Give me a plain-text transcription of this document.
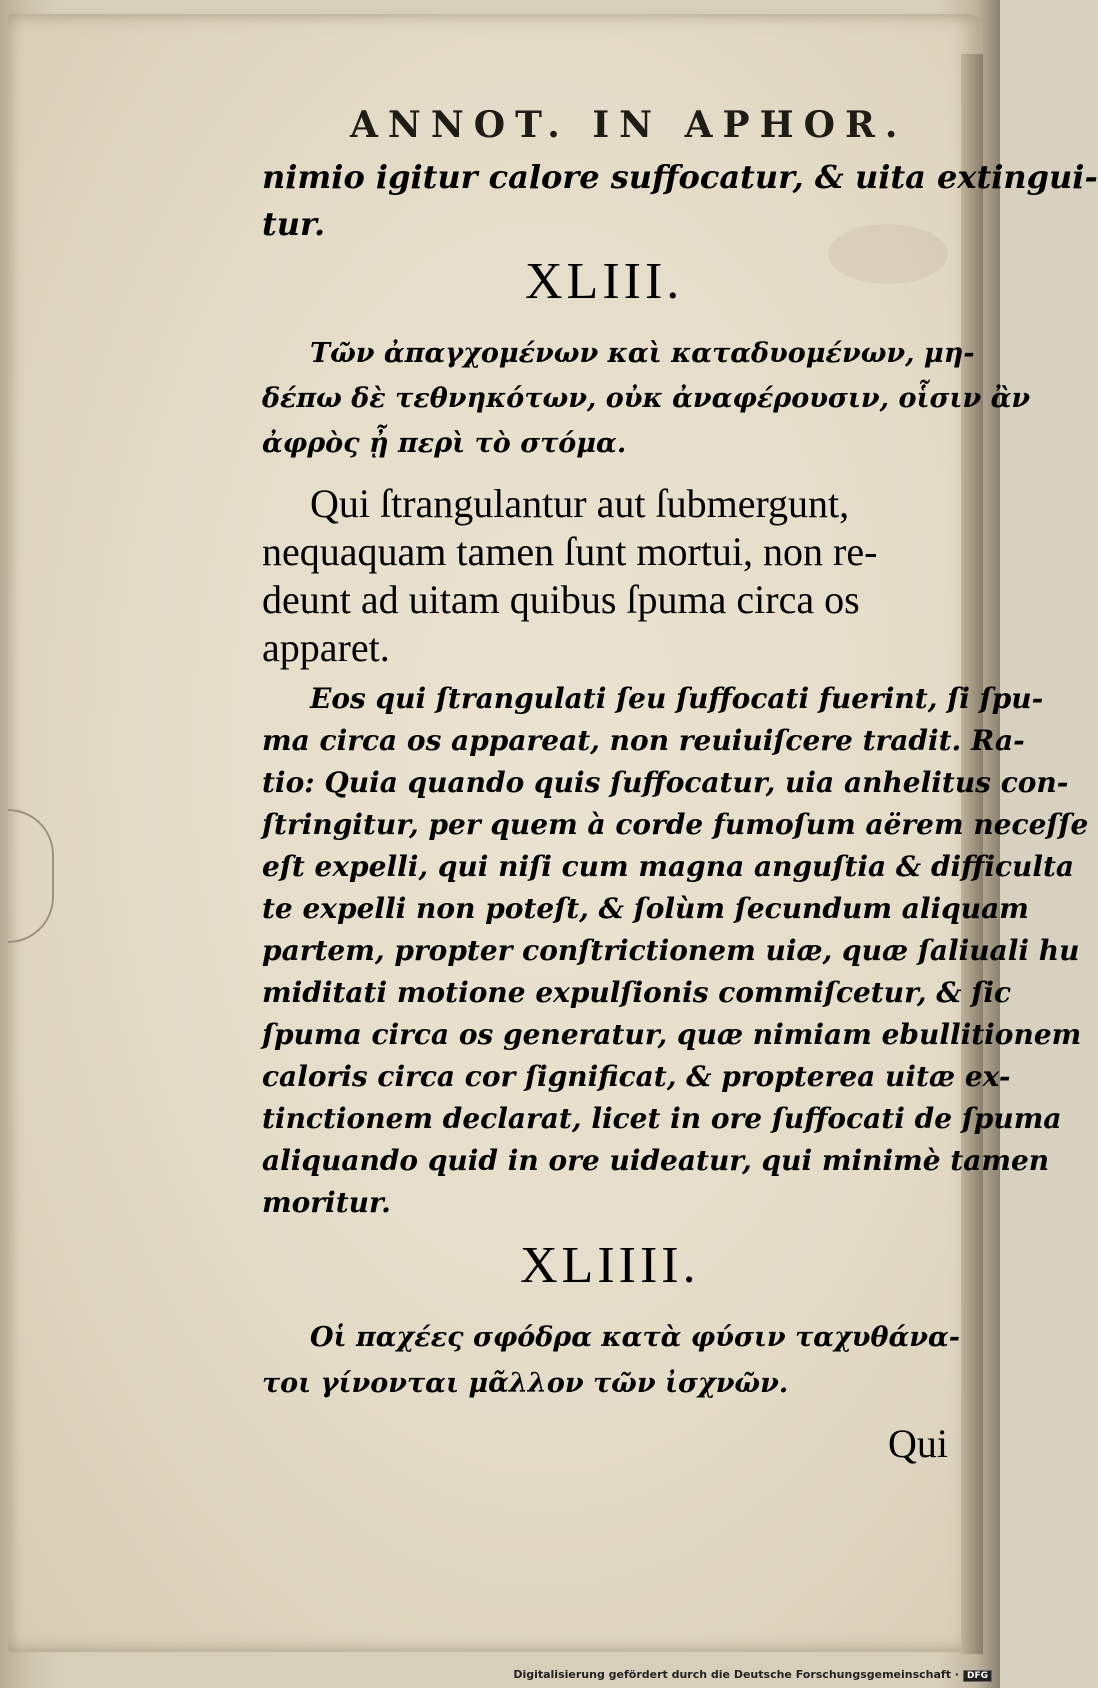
ANNOT. IN APHOR.
nimio igitur calore suffocatur, & uita extingui-
tur.
XLIII.
Τῶν ἀπαγχομένων καὶ καταδυομένων, μη-
δέπω δὲ τεθνηκότων, οὐκ ἀναφέρουσιν, οἷσιν ἂν
ἀφρὸς ᾖ περὶ τὸ στόμα.
Qui ſtrangulantur aut ſubmergunt,
nequaquam tamen ſunt mortui, non re-
deunt ad uitam quibus ſpuma circa os
apparet.
Eos qui ſtrangulati ſeu ſuffocati fuerint, ſi ſpu-
ma circa os appareat, non reuiuiſcere tradit. Ra-
tio: Quia quando quis ſuffocatur, uia anhelitus con-
ſtringitur, per quem à corde fumoſum aërem neceſſe
eſt expelli, qui niſi cum magna anguſtia & difficulta
te expelli non poteſt, & ſolùm ſecundum aliquam
partem, propter conſtrictionem uiæ, quæ ſaliuali hu
miditati motione expulſionis commiſcetur, & ſic
ſpuma circa os generatur, quæ nimiam ebullitionem
caloris circa cor ſignificat, & propterea uitæ ex-
tinctionem declarat, licet in ore ſuffocati de ſpuma
aliquando quid in ore uideatur, qui minimè tamen
moritur.
XLIIII.
Οἱ παχέες σφόδρα κατὰ φύσιν ταχυθάνα-
τοι γίνονται μᾶλλον τῶν ἰσχνῶν.
Qui
Digitalisierung gefördert durch die Deutsche Forschungsgemeinschaft · DFG
